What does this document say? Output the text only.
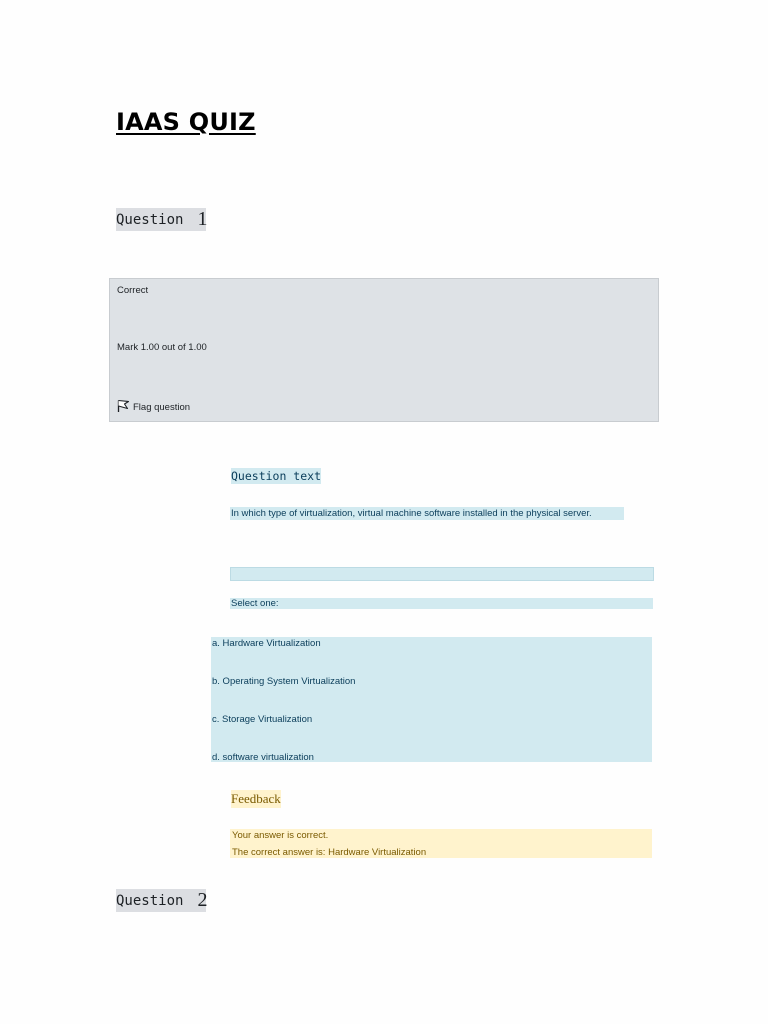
IAAS QUIZ
Question 1
Correct
Mark 1.00 out of 1.00
Flag question
Question text
In which type of virtualization, virtual machine software installed in the physical server.
Select one:
a. Hardware Virtualization
b. Operating System Virtualization
c. Storage Virtualization
d. software virtualization
Feedback
Your answer is correct.
The correct answer is: Hardware Virtualization
Question 2
